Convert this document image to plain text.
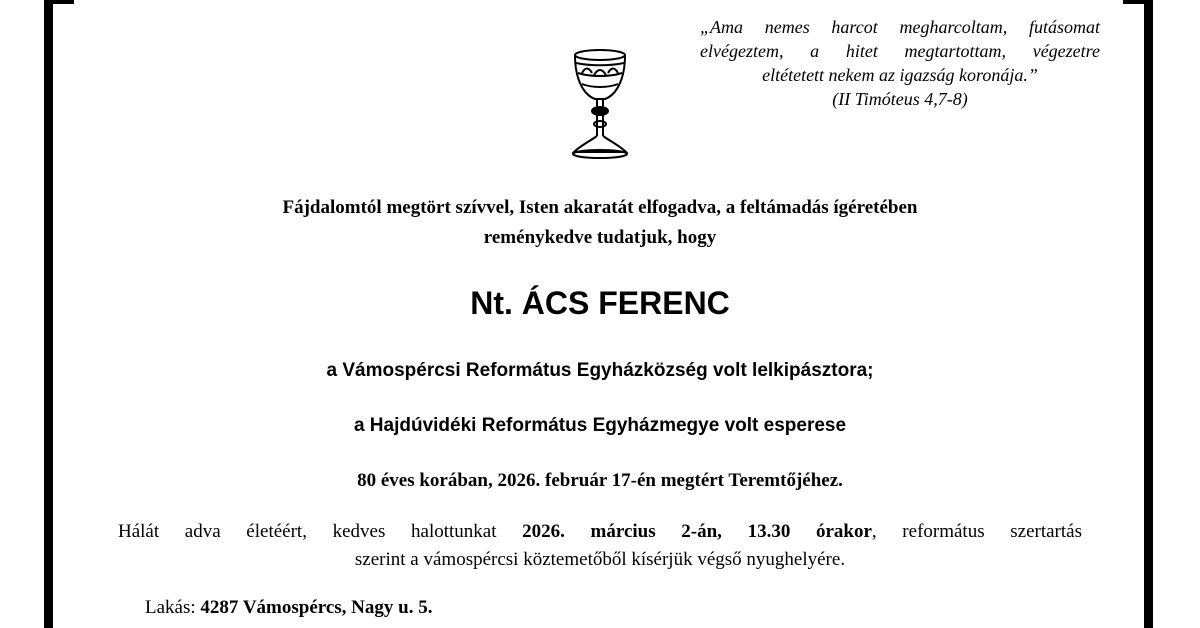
„Ama nemes harcot megharcoltam, futásomat
elvégeztem, a hitet megtartottam, végezetre
eltétetett nekem az igazság koronája.”
(II Timóteus 4,7-8)
Fájdalomtól megtört szívvel, Isten akaratát elfogadva, a feltámadás ígéretében
reménykedve tudatjuk, hogy
Nt. ÁCS FERENC
a Vámospércsi Református Egyházközség volt lelkipásztora;
a Hajdúvidéki Református Egyházmegye volt esperese
80 éves korában, 2026. február 17-én megtért Teremtőjéhez.
Hálát adva életéért, kedves halottunkat 2026. március 2-án, 13.30 órakor, református szertartás
szerint a vámospércsi köztemetőből kísérjük végső nyughelyére.
Lakás: 4287 Vámospércs, Nagy u. 5.
